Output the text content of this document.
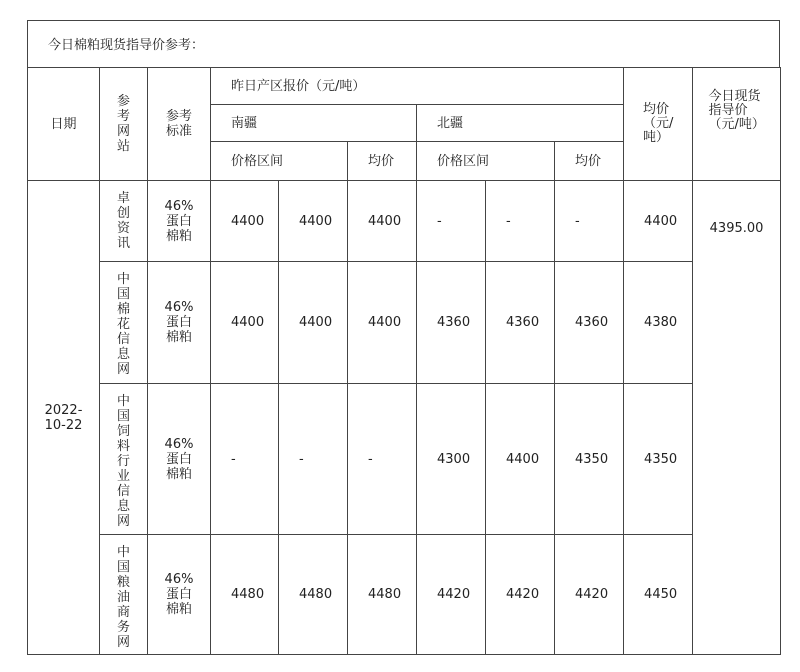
今日棉粕现货指导价参考：
日期	参考网站	参考标准	昨日产区报价（元/吨）						均价（元/吨）	今日现货指导价（元/吨）
			南疆			北疆				
			价格区间		均价	价格区间		均价		
2022-10-22	卓创资讯	46%蛋白棉粕	4400	4400	4400	-	-	-	4400	4395.00
	中国棉花信息网	46%蛋白棉粕	4400	4400	4400	4360	4360	4360	4380	
	中国饲料行业信息网	46%蛋白棉粕	-	-	-	4300	4400	4350	4350	
	中国粮油商务网	46%蛋白棉粕	4480	4480	4480	4420	4420	4420	4450	
